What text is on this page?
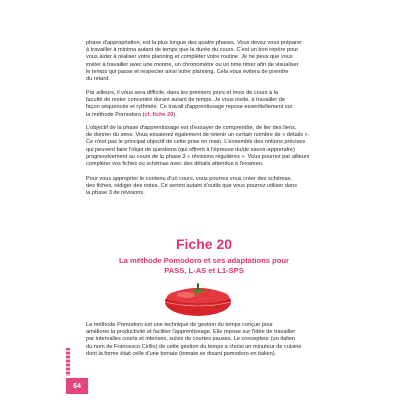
phase d'appropriation, est la plus longue des quatre phases. Vous devez vous préparer
à travailler à minima autant de temps que la durée du cours. C'est un bon repère pour
vous aider à réaliser votre planning et compléter votre routine. Je ne peux que vous
inviter à travailler avec une montre, un chronomètre ou un time timer afin de visualiser
le temps qui passe et respecter ainsi votre planning. Cela vous évitera de prendre
du retard.
Par ailleurs, il vous sera difficile, dans les premiers jours et mois de cours à la
faculté de rester concentré durant autant de temps. Je vous invite, à travailler de
façon séquencée et rythmée. Ce travail d'apprentissage repose essentiellement sur
la méthode Pomodoro (cf. fiche 20).
L'objectif de la phase d'apprentissage est d'essayer de comprendre, de lier des liens,
de donner du sens. Vous essaierez également de retenir un certain nombre de « détails ».
Ce n'est pas le principal objectif de cette prise en main. L'ensemble des notions précises
qui peuvent faire l'objet de questions (qui offrent à l'épreuve du/de savoir-apprendre)
progressivement au cours de la phase 3 « révisions régulières ». Vous pourrez par ailleurs
compléter vos fiches ou schémas avec des détails attendus à l'examen.
Pour vous approprier le contenu d'un cours, vous pourrez vous créer des schémas,
des fiches, rédiger des notes. Ce seront autant d'outils que vous pourrez utiliser dans
la phase 3 de révisions.
Fiche 20
La méthode Pomodoro et ses adaptations pour
PASS, L-AS et L1-SPS
La méthode Pomodoro est une technique de gestion du temps conçue pour
améliorer la productivité et faciliter l'apprentissage. Elle repose sur l'idée de travailler
par intervalles courts et intenses, suivis de courtes pauses. Le concepteur (un italien
du nom de Francesco Cirillo) de cette gestion du temps a choisi un minuteur de cuisine
dont la forme était celle d'une tomate (tomate se disant pomodoro en italien).
64
